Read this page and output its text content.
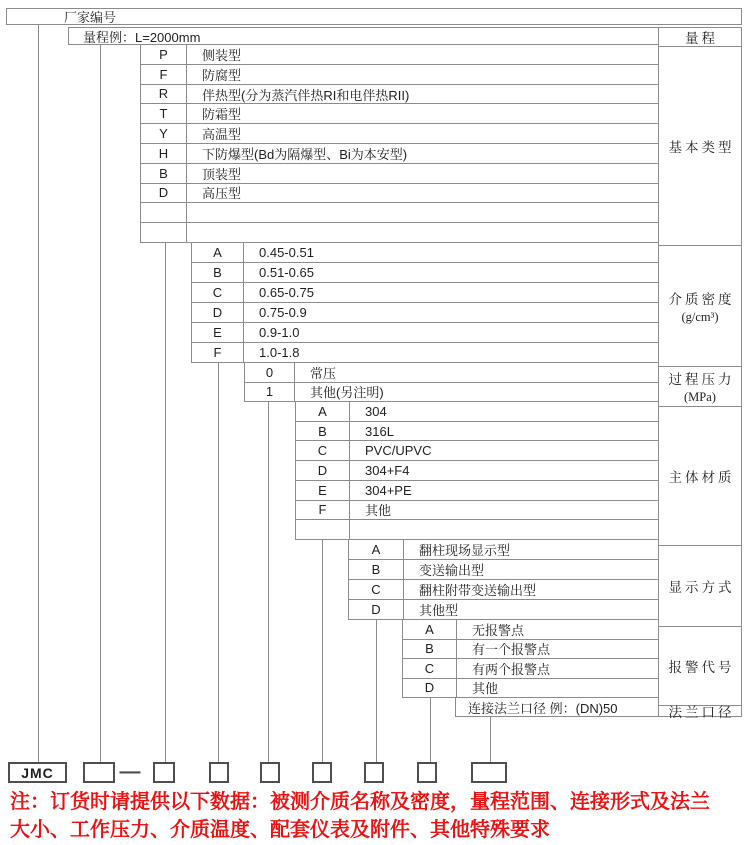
厂家编号
量程例：L=2000mm	量程
基本类型
介质密度
(g/cm³)
过程压力
(MPa)
主体材质
显示方式
报警代号
法兰口径
P	侧装型
F	防腐型
R	伴热型(分为蒸汽伴热RI和电伴热RII)
T	防霜型
Y	高温型
H	下防爆型(Bd为隔爆型、Bi为本安型)
B	顶装型
D	高压型
A	0.45-0.51
B	0.51-0.65
C	0.65-0.75
D	0.75-0.9
E	0.9-1.0
F	1.0-1.8
0	常压
1	其他(另注明)
A	304
B	316L
C	PVC/UPVC
D	304+F4
E	304+PE
F	其他
A	翻柱现场显示型
B	变送输出型
C	翻柱附带变送输出型
D	其他型
A	无报警点
B	有一个报警点
C	有两个报警点
D	其他
连接法兰口径 例：(DN)50
JMC	—
注：订货时请提供以下数据：被测介质名称及密度，量程范围、连接形式及法兰
大小、工作压力、介质温度、配套仪表及附件、其他特殊要求
